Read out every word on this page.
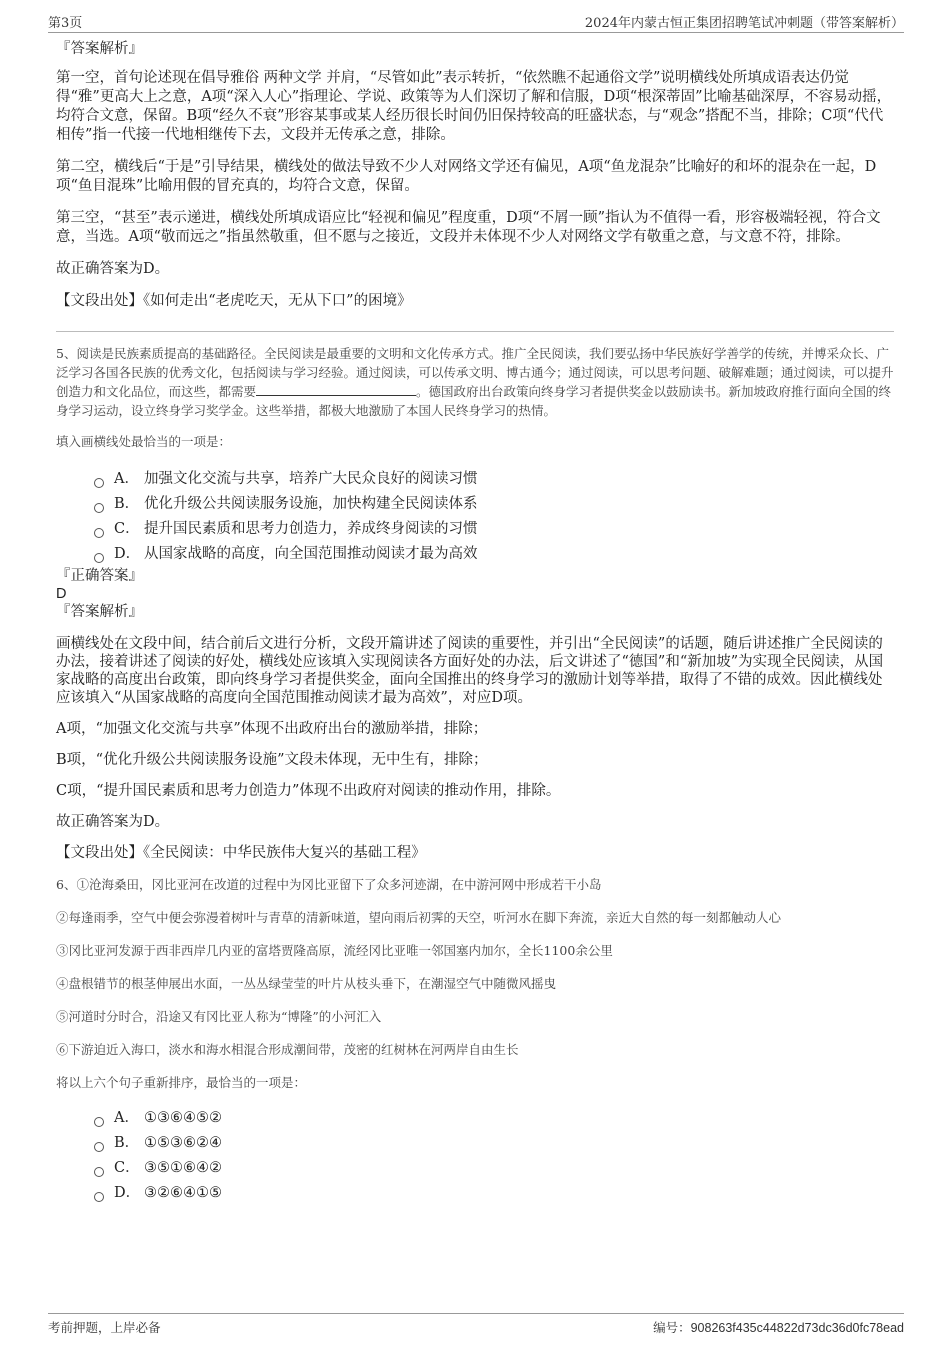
第3页	2024年内蒙古恒正集团招聘笔试冲刺题（带答案解析）
『答案解析』

第一空，首句论述现在倡导雅俗 两种文学 并肩，“尽管如此”表示转折，“依然瞧不起通俗文学”说明横线处所填成语表达仍觉得“雅”更高大上之意，A项“深入人心”指理论、学说、政策等为人们深切了解和信服，D项“根深蒂固”比喻基础深厚，不容易动摇，均符合文意，保留。B项“经久不衰”形容某事或某人经历很长时间仍旧保持较高的旺盛状态，与“观念”搭配不当，排除；C项“代代相传”指一代接一代地相继传下去，文段并无传承之意，排除。

第二空，横线后“于是”引导结果，横线处的做法导致不少人对网络文学还有偏见，A项“鱼龙混杂”比喻好的和坏的混杂在一起，D项“鱼目混珠”比喻用假的冒充真的，均符合文意，保留。

第三空，“甚至”表示递进，横线处所填成语应比“轻视和偏见”程度重，D项“不屑一顾”指认为不值得一看，形容极端轻视，符合文意，当选。A项“敬而远之”指虽然敬重，但不愿与之接近，文段并未体现不少人对网络文学有敬重之意，与文意不符，排除。

故正确答案为D。

【文段出处】《如何走出“老虎吃天，无从下口”的困境》

5、阅读是民族素质提高的基础路径。全民阅读是最重要的文明和文化传承方式。推广全民阅读，我们要弘扬中华民族好学善学的传统，并博采众长、广泛学习各国各民族的优秀文化，包括阅读与学习经验。通过阅读，可以传承文明、博古通今；通过阅读，可以思考问题、破解难题；通过阅读，可以提升创造力和文化品位，而这些，都需要	。德国政府出台政策向终身学习者提供奖金以鼓励读书。新加坡政府推行面向全国的终身学习运动，设立终身学习奖学金。这些举措，都极大地激励了本国人民终身学习的热情。

填入画横线处最恰当的一项是：

A． 加强文化交流与共享，培养广大民众良好的阅读习惯
B． 优化升级公共阅读服务设施，加快构建全民阅读体系
C． 提升国民素质和思考力创造力，养成终身阅读的习惯
D． 从国家战略的高度，向全国范围推动阅读才最为高效

『正确答案』

D

『答案解析』

画横线处在文段中间，结合前后文进行分析，文段开篇讲述了阅读的重要性，并引出“全民阅读”的话题，随后讲述推广全民阅读的办法，接着讲述了阅读的好处，横线处应该填入实现阅读各方面好处的办法，后文讲述了“德国”和“新加坡”为实现全民阅读，从国家战略的高度出台政策，即向终身学习者提供奖金，面向全国推出的终身学习的激励计划等举措，取得了不错的成效。因此横线处应该填入“从国家战略的高度向全国范围推动阅读才最为高效”，对应D项。

A项，“加强文化交流与共享”体现不出政府出台的激励举措，排除；

B项，“优化升级公共阅读服务设施”文段未体现，无中生有，排除；

C项，“提升国民素质和思考力创造力”体现不出政府对阅读的推动作用，排除。

故正确答案为D。

【文段出处】《全民阅读：中华民族伟大复兴的基础工程》

6、①沧海桑田，冈比亚河在改道的过程中为冈比亚留下了众多河迹湖，在中游河网中形成若干小岛

②每逢雨季，空气中便会弥漫着树叶与青草的清新味道，望向雨后初霁的天空，听河水在脚下奔流，亲近大自然的每一刻都触动人心

③冈比亚河发源于西非西岸几内亚的富塔贾隆高原，流经冈比亚唯一邻国塞内加尔，全长1100余公里

④盘根错节的根茎伸展出水面，一丛丛绿莹莹的叶片从枝头垂下，在潮湿空气中随微风摇曳

⑤河道时分时合，沿途又有冈比亚人称为“博隆”的小河汇入

⑥下游迫近入海口，淡水和海水相混合形成潮间带，茂密的红树林在河两岸自由生长

将以上六个句子重新排序，最恰当的一项是：

A． ①③⑥④⑤②
B． ①⑤③⑥②④
C． ③⑤①⑥④②
D． ③②⑥④①⑤
考前押题，上岸必备	编号：908263f435c44822d73dc36d0fc78ead
